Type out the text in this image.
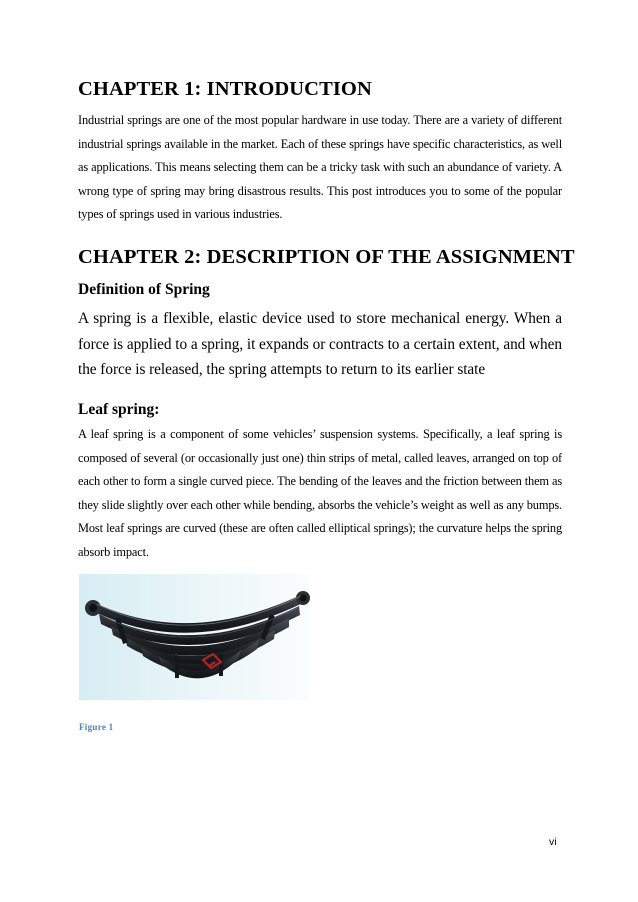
CHAPTER 1: INTRODUCTION

Industrial springs are one of the most popular hardware in use today. There are a variety of different industrial springs available in the market. Each of these springs have specific characteristics, as well as applications. This means selecting them can be a tricky task with such an abundance of variety. A wrong type of spring may bring disastrous results. This post introduces you to some of the popular types of springs used in various industries.

CHAPTER 2: DESCRIPTION OF THE ASSIGNMENT
Definition of Spring

A spring is a flexible, elastic device used to store mechanical energy. When a force is applied to a spring, it expands or contracts to a certain extent, and when the force is released, the spring attempts to return to its earlier state

Leaf spring:

A leaf spring is a component of some vehicles’ suspension systems. Specifically, a leaf spring is composed of several (or occasionally just one) thin strips of metal, called leaves, arranged on top of each other to form a single curved piece. The bending of the leaves and the friction between them as they slide slightly over each other while bending, absorbs the vehicle’s weight as well as any bumps. Most leaf springs are curved (these are often called elliptical springs); the curvature helps the spring absorb impact.

Figure 1
vi
